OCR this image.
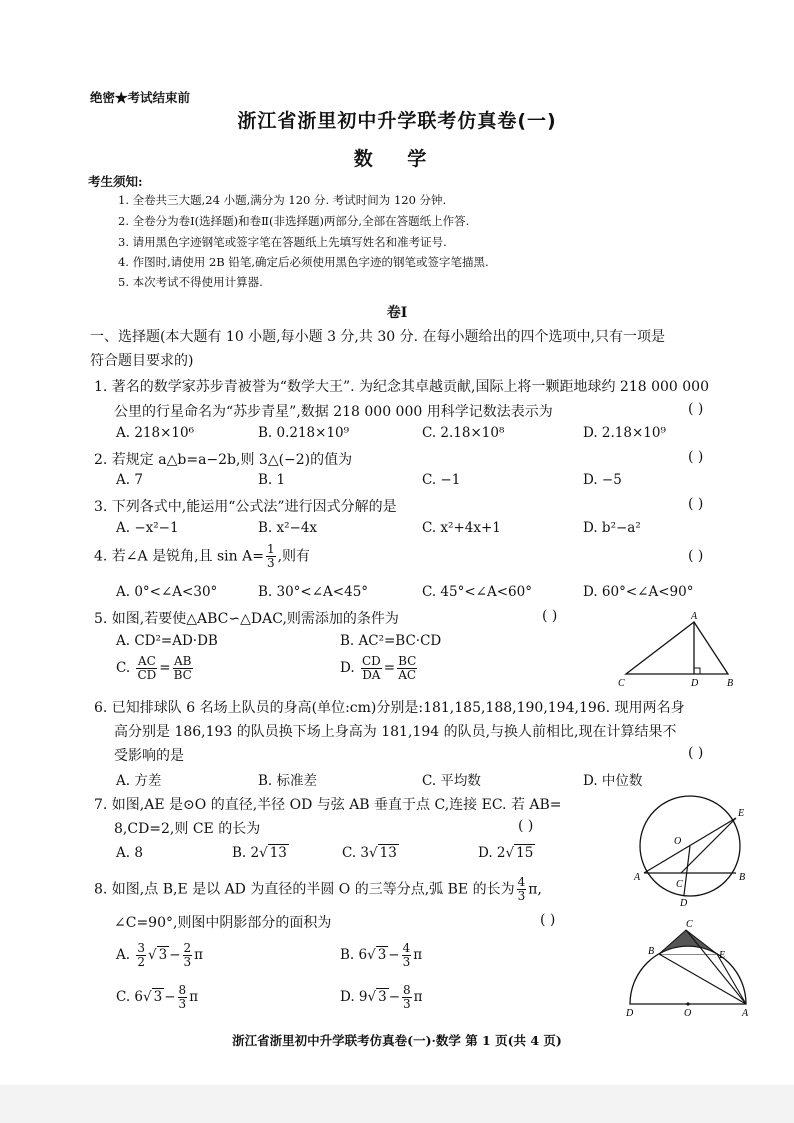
绝密★考试结束前
浙江省浙里初中升学联考仿真卷(一)
数 学
考生须知:
1. 全卷共三大题,24 小题,满分为 120 分. 考试时间为 120 分钟.
2. 全卷分为卷Ⅰ(选择题)和卷Ⅱ(非选择题)两部分,全部在答题纸上作答.
3. 请用黑色字迹钢笔或签字笔在答题纸上先填写姓名和准考证号.
4. 作图时,请使用 2B 铅笔,确定后必须使用黑色字迹的钢笔或签字笔描黑.
5. 本次考试不得使用计算器.
卷Ⅰ
一、选择题(本大题有 10 小题,每小题 3 分,共 30 分. 在每小题给出的四个选项中,只有一项是
符合题目要求的)
1. 著名的数学家苏步青被誉为“数学大王”. 为纪念其卓越贡献,国际上将一颗距地球约 218 000 000
公里的行星命名为“苏步青星”,数据 218 000 000 用科学记数法表示为	( )
A. 218×10⁶	B. 0.218×10⁹	C. 2.18×10⁸	D. 2.18×10⁹
2. 若规定 a△b=a−2b,则 3△(−2)的值为	( )
A. 7	B. 1	C. −1	D. −5
3. 下列各式中,能运用“公式法”进行因式分解的是	( )
A. −x²−1	B. x²−4x	C. x²+4x+1	D. b²−a²
4. 若∠A 是锐角,且 $\sin A= \frac{1}{3}$ ,则有	( )
A. 0°<∠A<30°	B. 30°<∠A<45°	C. 45°<∠A<60°	D. 60°<∠A<90°
5. 如图,若要使△ABC∽△DAC,则需添加的条件为	( )
A. CD²=AD·DB	B. AC²=BC·CD
C. $\frac{AC}{CD} = \frac{AB}{BC}$	D. $\frac{CD}{DA} = \frac{BC}{AC}$
A
C	D	B
6. 已知排球队 6 名场上队员的身高(单位:cm)分别是:181,185,188,190,194,196. 现用两名身
高分别是 186,193 的队员换下场上身高为 181,194 的队员,与换人前相比,现在计算结果不
受影响的是	( )
A. 方差	B. 标准差	C. 平均数	D. 中位数
7. 如图,AE 是⊙O 的直径,半径 OD 与弦 AB 垂直于点 C,连接 EC. 若 AB=
8,CD=2,则 CE 的长为	( )
A. 8	B. 2√ 13	C. 3√ 13	D. 2√ 15
O
E
A
C
B
D
8. 如图,点 B,E 是以 AD 为直径的半圆 O 的三等分点,弧 BE 的长为 $\frac{4}{3} \pi$,
∠C=90°,则图中阴影部分的面积为	( )
A. $\frac{3}{2}$ √ $3 - \frac{2}{3}$ π	B. 6√ $3 - \frac{4}{3}$ π
C. 6√ $3 - \frac{8}{3}$ π	D. 9√ $3 - \frac{8}{3}$ π
C
B	E
D	O	A
浙江省浙里初中升学联考仿真卷(一)·数学 第 1 页(共 4 页)
